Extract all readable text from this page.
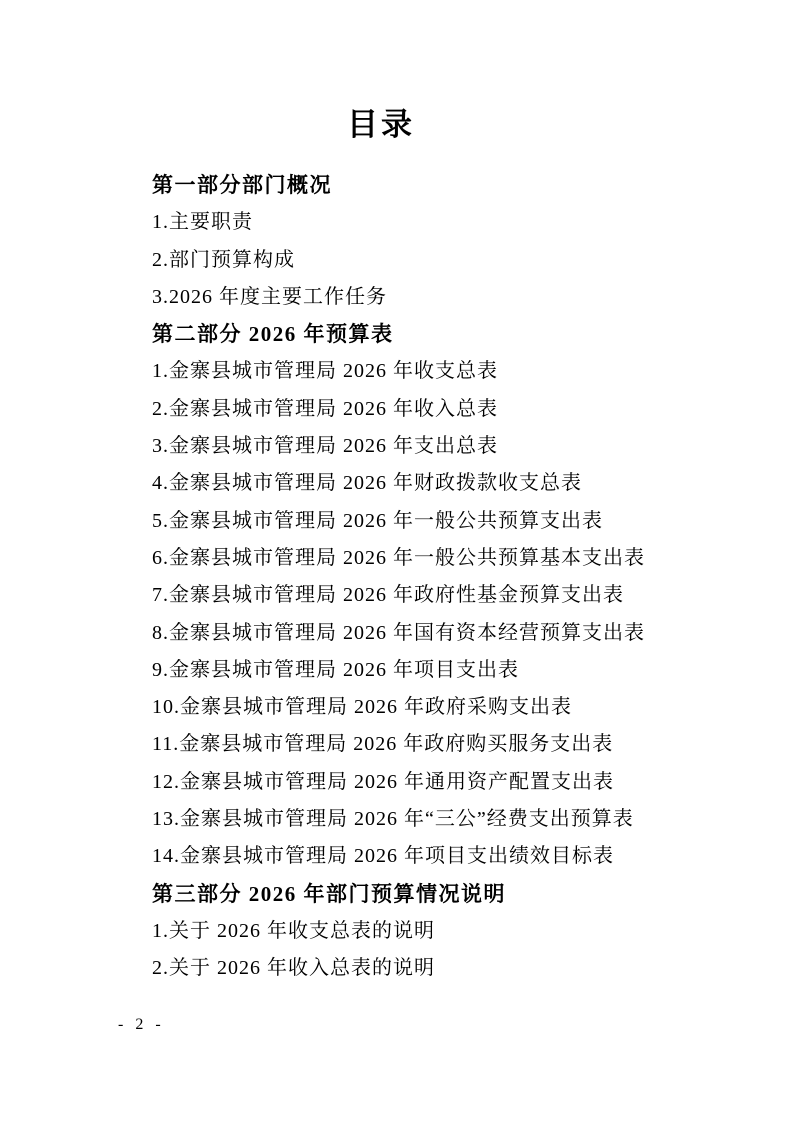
目录
第一部分部门概况
1.主要职责
2.部门预算构成
3.2026 年度主要工作任务
第二部分 2026 年预算表
1.金寨县城市管理局 2026 年收支总表
2.金寨县城市管理局 2026 年收入总表
3.金寨县城市管理局 2026 年支出总表
4.金寨县城市管理局 2026 年财政拨款收支总表
5.金寨县城市管理局 2026 年一般公共预算支出表
6.金寨县城市管理局 2026 年一般公共预算基本支出表
7.金寨县城市管理局 2026 年政府性基金预算支出表
8.金寨县城市管理局 2026 年国有资本经营预算支出表
9.金寨县城市管理局 2026 年项目支出表
10.金寨县城市管理局 2026 年政府采购支出表
11.金寨县城市管理局 2026 年政府购买服务支出表
12.金寨县城市管理局 2026 年通用资产配置支出表
13.金寨县城市管理局 2026 年“三公”经费支出预算表
14.金寨县城市管理局 2026 年项目支出绩效目标表
第三部分 2026 年部门预算情况说明
1.关于 2026 年收支总表的说明
2.关于 2026 年收入总表的说明
- 2 -
